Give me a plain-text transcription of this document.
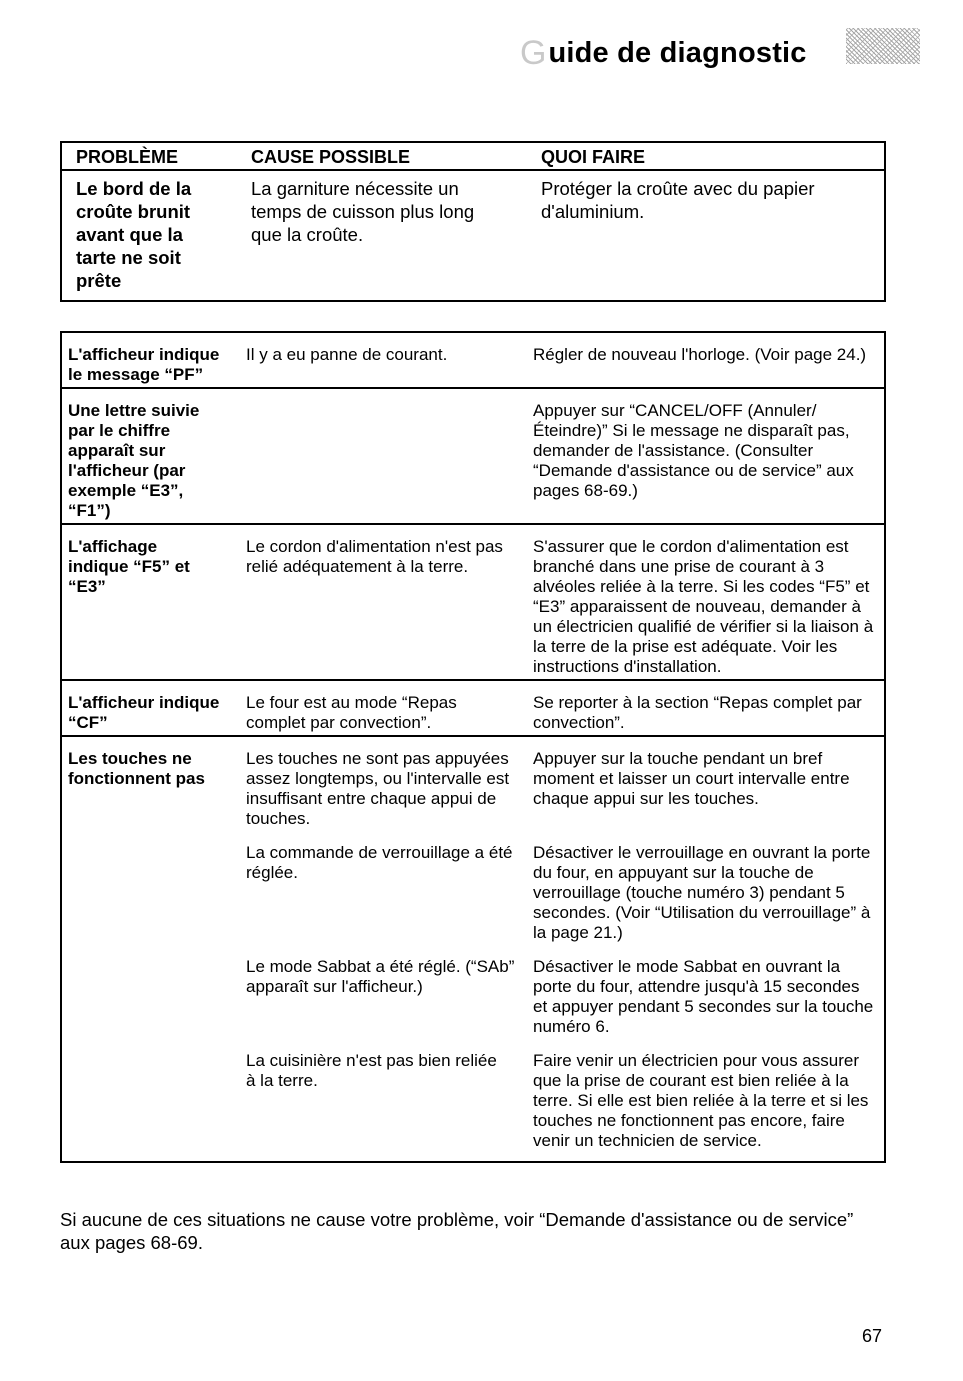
G uide de diagnostic
PROBLÈME	CAUSE POSSIBLE	QUOI FAIRE
Le bord de la croûte brunit avant que la tarte ne soit prête	La garniture nécessite un temps de cuisson plus long que la croûte.	Protéger la croûte avec du papier d'aluminium.
L'afficheur indique le message “PF”	Il y a eu panne de courant.	Régler de nouveau l'horloge. (Voir page 24.)
Une lettre suivie par le chiffre apparaît sur l'afficheur (par exemple “E3”, “F1”)		Appuyer sur “CANCEL/OFF (Annuler/ Éteindre)” Si le message ne disparaît pas, demander de l'assistance. (Consulter “Demande d'assistance ou de service” aux pages 68-69.)
L'affichage indique “F5” et “E3”	Le cordon d'alimentation n'est pas relié adéquatement à la terre.	S'assurer que le cordon d'alimentation est branché dans une prise de courant à 3 alvéoles reliée à la terre. Si les codes “F5” et “E3” apparaissent de nouveau, demander à un électricien qualifié de vérifier si la liaison à la terre de la prise est adéquate. Voir les instructions d'installation.
L'afficheur indique “CF”	Le four est au mode “Repas complet par convection”.	Se reporter à la section “Repas complet par convection”.
Les touches ne fonctionnent pas	Les touches ne sont pas appuyées assez longtemps, ou l'intervalle est insuffisant entre chaque appui de touches.	Appuyer sur la touche pendant un bref moment et laisser un court intervalle entre chaque appui sur les touches.
	La commande de verrouillage a été réglée.	Désactiver le verrouillage en ouvrant la porte du four, en appuyant sur la touche de verrouillage (touche numéro 3) pendant 5 secondes. (Voir “Utilisation du verrouillage” à la page 21.)
	Le mode Sabbat a été réglé. (“SAb” apparaît sur l'afficheur.)	Désactiver le mode Sabbat en ouvrant la porte du four, attendre jusqu'à 15 secondes et appuyer pendant 5 secondes sur la touche numéro 6.
	La cuisinière n'est pas bien reliée à la terre.	Faire venir un électricien pour vous assurer que la prise de courant est bien reliée à la terre. Si elle est bien reliée à la terre et si les touches ne fonctionnent pas encore, faire venir un technicien de service.
Si aucune de ces situations ne cause votre problème, voir “Demande d'assistance ou de service” aux pages 68-69.
67
